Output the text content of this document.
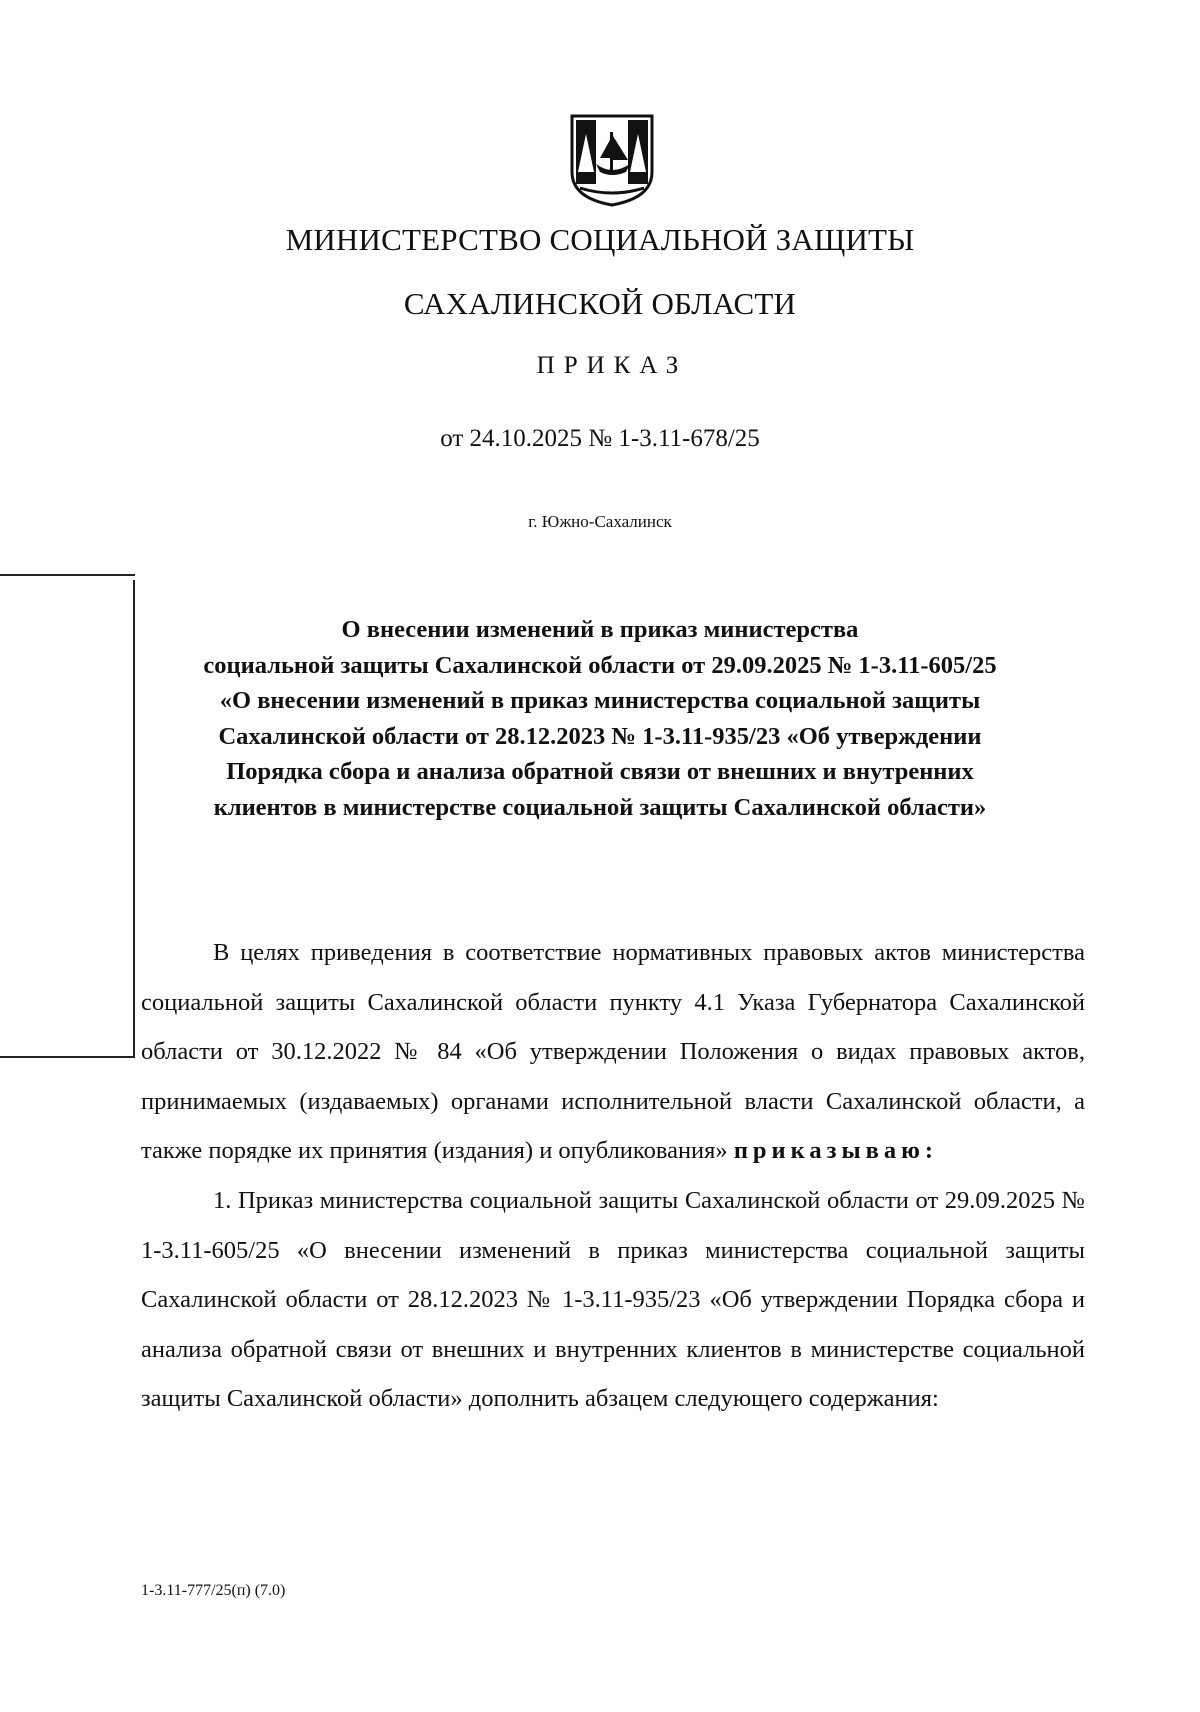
МИНИСТЕРСТВО СОЦИАЛЬНОЙ ЗАЩИТЫ
САХАЛИНСКОЙ ОБЛАСТИ
ПРИКАЗ
от 24.10.2025 № 1-3.11-678/25
г. Южно-Сахалинск
О внесении изменений в приказ министерства
социальной защиты Сахалинской области от 29.09.2025 № 1-3.11-605/25
«О внесении изменений в приказ министерства социальной защиты
Сахалинской области от 28.12.2023 № 1-3.11-935/23 «Об утверждении
Порядка сбора и анализа обратной связи от внешних и внутренних
клиентов в министерстве социальной защиты Сахалинской области»

В целях приведения в соответствие нормативных правовых актов министерства социальной защиты Сахалинской области пункту 4.1 Указа Губернатора Сахалинской области от 30.12.2022 № 84 «Об утверждении Положения о видах правовых актов, принимаемых (издаваемых) органами исполнительной власти Сахалинской области, а также порядке их принятия (издания) и опубликования» приказываю:

1. Приказ министерства социальной защиты Сахалинской области от 29.09.2025 № 1-3.11-605/25 «О внесении изменений в приказ министерства социальной защиты Сахалинской области от 28.12.2023 № 1-3.11-935/23 «Об утверждении Порядка сбора и анализа обратной связи от внешних и внутренних клиентов в министерстве социальной защиты Сахалинской области» дополнить абзацем следующего содержания:

1-3.11-777/25(п) (7.0)
